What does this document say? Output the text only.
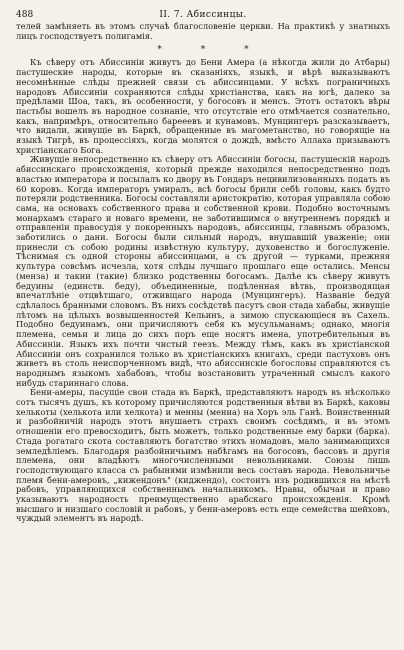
488	II. 7. Абиссинцы.

телей замѣняеть въ этомъ случаѣ благословеніе церкви. На практикѣ у знатныхъ лицъ господствуетъ полигамія.

* * *

Къ сѣверу отъ Абиссиніи живутъ до Бени Амера (а нѣкогда жили до Атбары) пастушеские народы, которые въ сказаніяхъ, языкѣ, и вѣрѣ выказываютъ несомнѣнные слѣды прежней связи съ абиссинцами. У всѣхъ пограничныхъ народовъ Абиссиніи сохраняются слѣды христіанства, какъ на югѣ, далеко за предѣлами Шоа, такъ, въ особенности, у богосовъ и менсъ. Этотъ остатокъ вѣры пастьбы вошелъ въ народное сознаніе, что отсутствіе его отмѣчается сознательно, какъ, напримѣръ, относительно барееевъ и кунамовъ. Мунцингеръ разсказываетъ, что видали, живущіе въ Баркѣ, обращенные въ магометанство, но говорящіе на языкѣ Тигрѣ, въ процессіяхъ, когда молятся о дождѣ, вмѣсто Аллаха призываютъ христіанскаго Бога.

Живущіе непосредственно къ сѣверу отъ Абиссиніи богосы, пастушескій народъ абиссинскаго происхожденія, который прежде находился непосредственно подъ властью императора и посылалъ ко двору въ Гондаръ нецивилизованныхъ подать въ 60 коровъ. Когда императоръ умиралъ, всѣ богосы брили себѣ головы, какъ будто потеряли родственника. Богосы составляли аристократію, которая управляла собою сама, на основахъ собственного права и собственной крови. Подобно восточнымъ монархамъ стараго и новаго времени, не заботившимся о внутреннемъ порядкѣ и отправленіи правосудія у покоренныхъ народовъ, абиссинцы, главнымъ образомъ, заботились о дани. Богосы были сильный народъ, внушавшій уваженіе; они принесли съ собою родины извѣстную культуру, духовенство и богослуженіе. Тѣснимая съ одной стороны абиссинцами, а съ другой — турками, прежняя культура совсѣмъ исчезла, хотя слѣды лучшаго прошлаго еще остались. Менсы (менза) и такни (такие) близко родственны богосамъ. Далѣе къ сѣверу живутъ бедуины (единств. беду), объединенные, подѣленная вѣтвь, производящая впечатлѣніе отцвѣтшаго, отживщаго народа (Мунцингеръ). Названіе бедуй сдѣлалось бранными словомъ. Въ нихъ сосѣдствѣ пасутъ свои стада хабабы, живущіе лѣтомъ на цѣлыхъ возвышенностей Кельинъ, а зимою спускающіеся въ Сахель. Подобно бедуинамъ, они причисляютъ себя къ мусульманамъ; однако, многія племена, семьи и лица до сихъ поръ еще носятъ имена, употребительныя въ Абиссиніи. Языкъ ихъ почти чистый геезъ. Между тѣмъ, какъ въ христіанской Абиссиніи онъ сохранился только въ христіанскихъ книгахъ, среди пастуховъ онъ живетъ въ столь неиспорченномъ видѣ, что абиссинскіе богословы справляются съ народнымъ языкомъ хабабовъ, чтобы возстановить утраченный смыслъ какого нибудь стариннаго слова.

Бени-амеры, пасущіе свои стада въ Баркѣ, представляютъ народъ въ нѣсколько сотъ тысячъ душъ, къ которому причисляются родственныя вѣтви въ Баркѣ, каковы хелькоты (хелькота или хелкота) и менны (мениа) на Хоръ эль Ганѣ. Воинственный и разбойничій народъ этотъ внушаетъ страхъ своимъ сосѣдямъ, и въ этомъ отношеніи его превосходитъ, быть можетъ, только родственные ему барки (барка). Стада рогатаго скота составляютъ богатство этихъ номадовъ, мало занимающихся земледѣліемъ. Благодаря разбойничьимъ набѣгамъ на богосовъ, бассовъ и другія племена, они владѣютъ многочисленными невольниками. Союзы лишь господствующаго класса съ рабынями измѣнили весь составъ народа. Невольничье племя бени-амеровъ, „кижендонъ" (киджендо), состоитъ изъ родившихся на мѣстѣ рабовъ, управляющихся собственнымъ начальникомъ. Нравы, обычаи и право указываютъ народность преимущественно арабскаго происхожденія. Кромѣ высшаго и низшаго сословій и рабовъ, у бени-амеровъ есть еще семейства шейховъ, чуждый элементъ въ народѣ.
